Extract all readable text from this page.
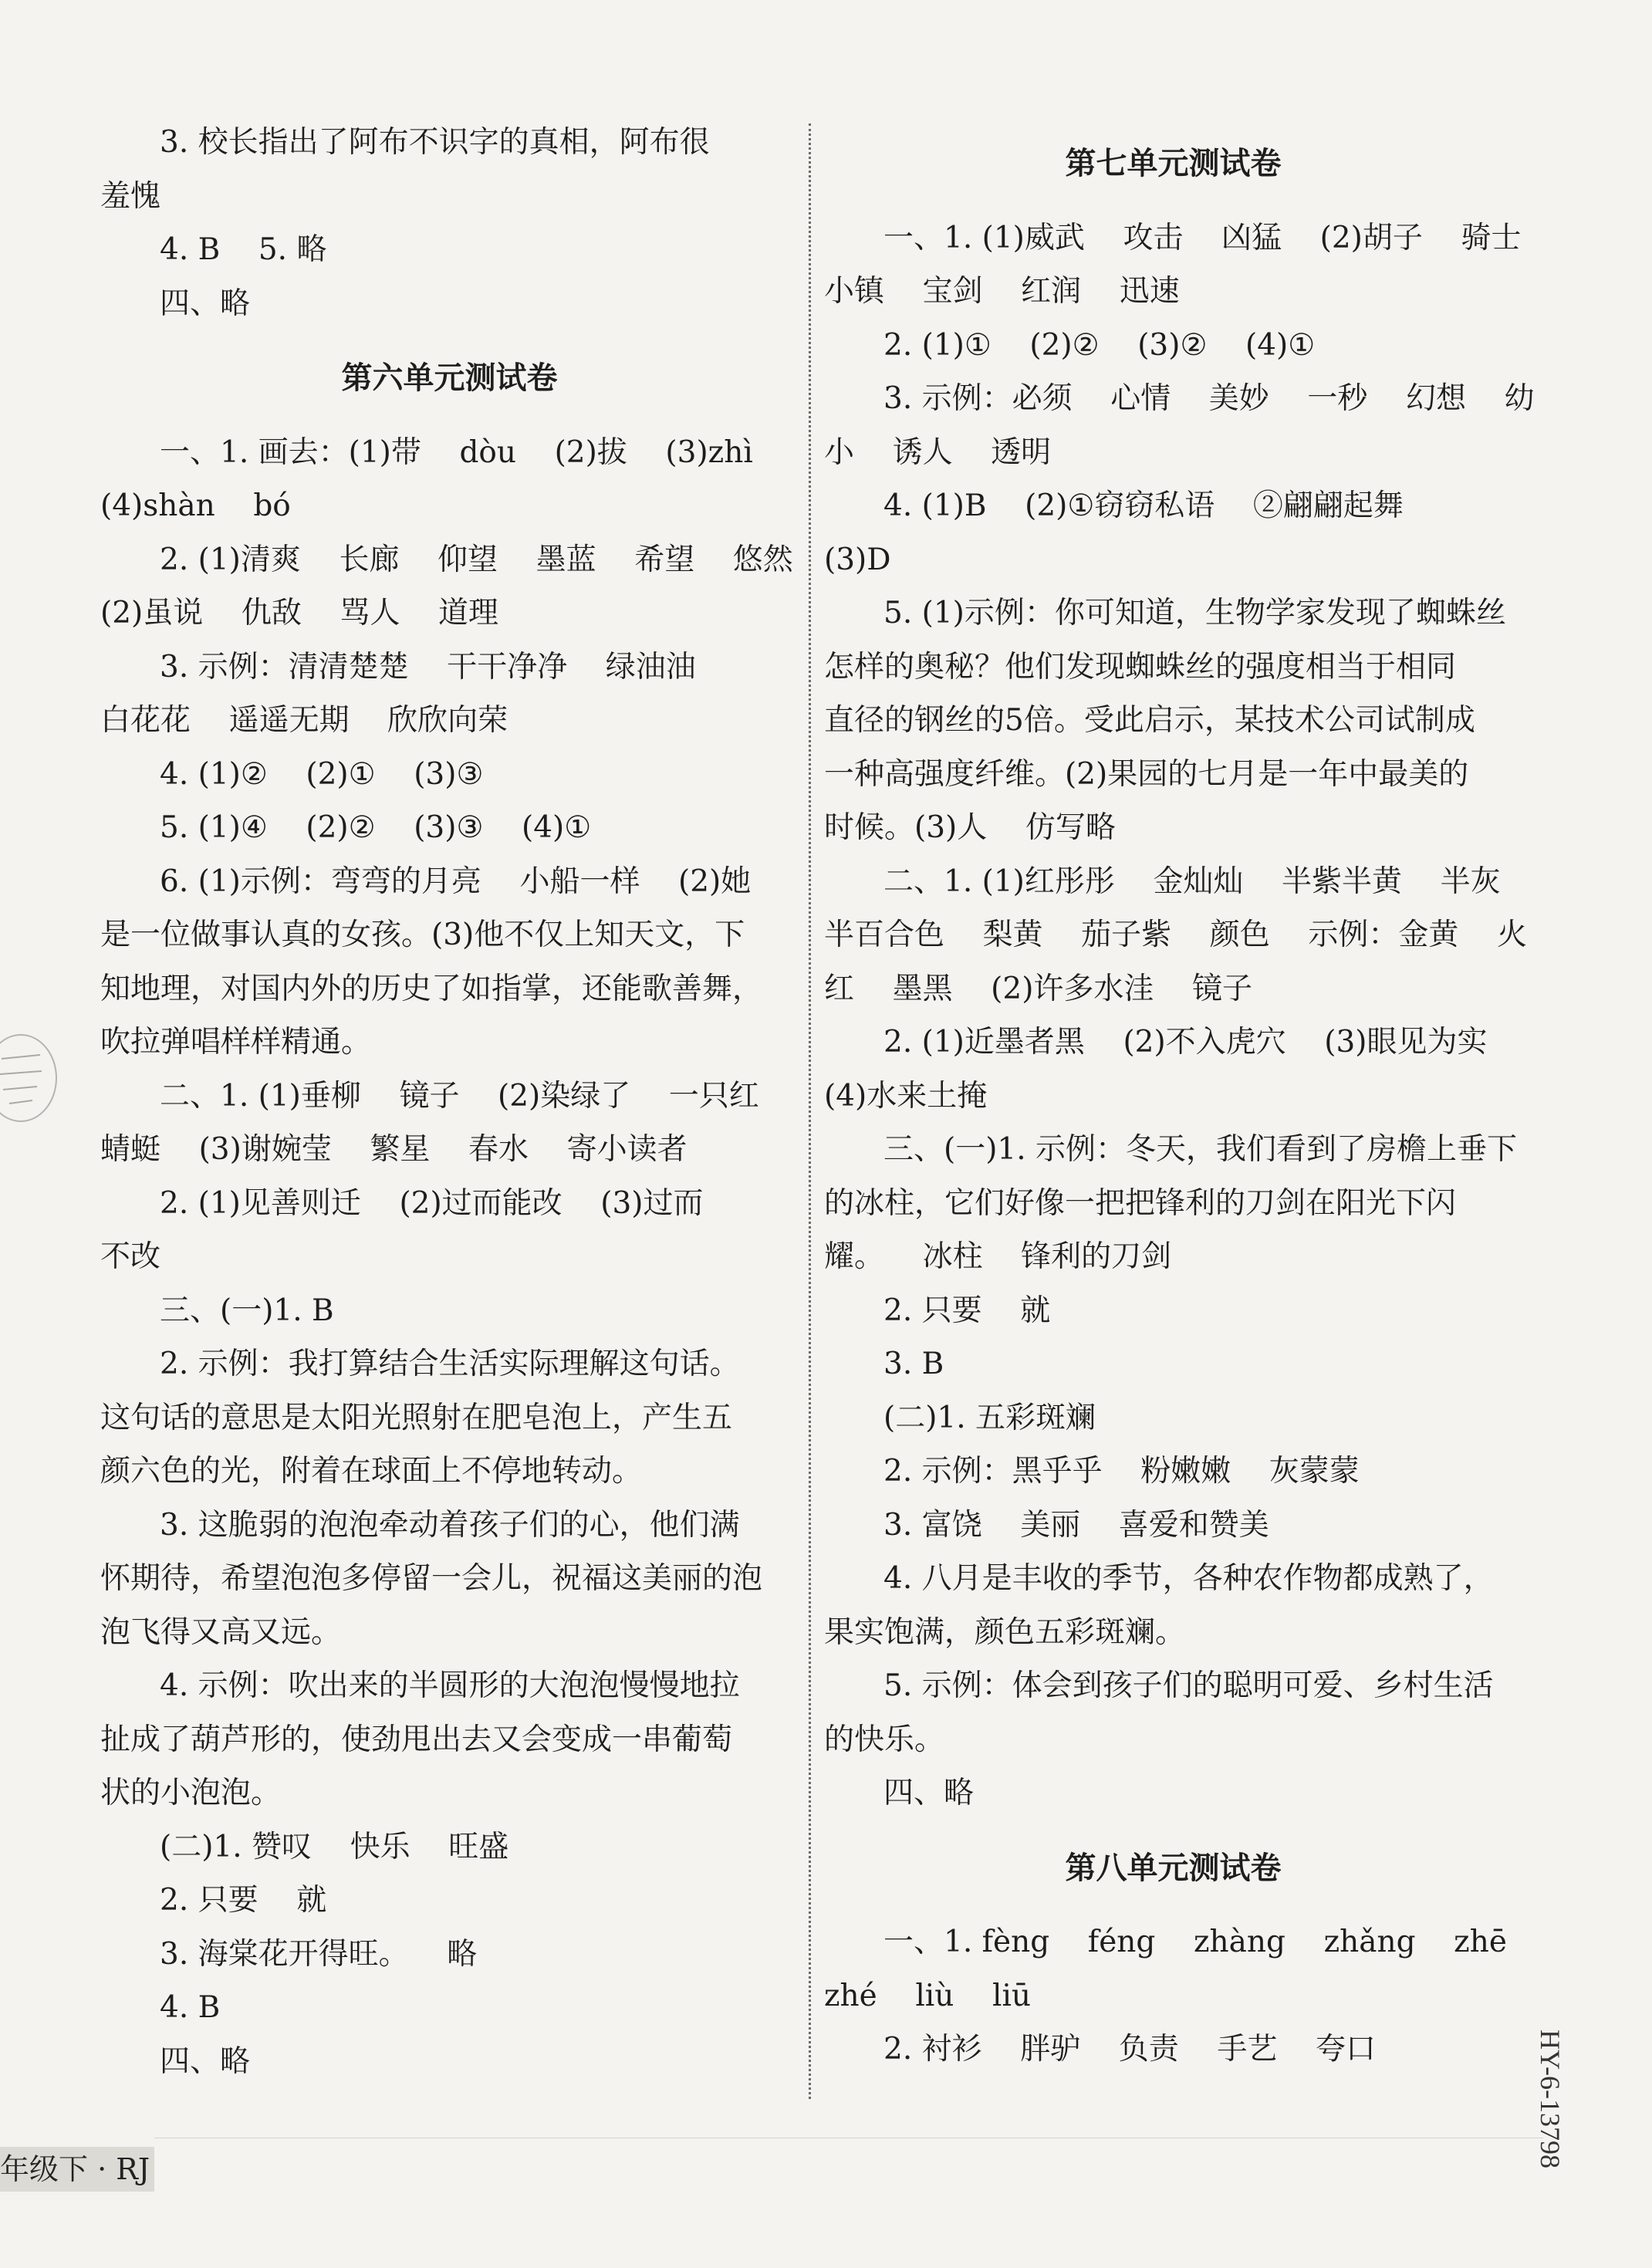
3. 校长指出了阿布不识字的真相，阿布很
羞愧
4. B    5. 略
四、略
第六单元测试卷
一、1. 画去：(1)带    dòu    (2)拔    (3)zhì
(4)shàn    bó
2. (1)清爽    长廊    仰望    墨蓝    希望    悠然
(2)虽说    仇敌    骂人    道理
3. 示例：清清楚楚    干干净净    绿油油
白花花    遥遥无期    欣欣向荣
4. (1)②    (2)①    (3)③
5. (1)④    (2)②    (3)③    (4)①
6. (1)示例：弯弯的月亮    小船一样    (2)她
是一位做事认真的女孩。(3)他不仅上知天文，下
知地理，对国内外的历史了如指掌，还能歌善舞，
吹拉弹唱样样精通。
二、1. (1)垂柳    镜子    (2)染绿了    一只红
蜻蜓    (3)谢婉莹    繁星    春水    寄小读者
2. (1)见善则迁    (2)过而能改    (3)过而
不改
三、(一)1. B
2. 示例：我打算结合生活实际理解这句话。
这句话的意思是太阳光照射在肥皂泡上，产生五
颜六色的光，附着在球面上不停地转动。
3. 这脆弱的泡泡牵动着孩子们的心，他们满
怀期待，希望泡泡多停留一会儿，祝福这美丽的泡
泡飞得又高又远。
4. 示例：吹出来的半圆形的大泡泡慢慢地拉
扯成了葫芦形的，使劲甩出去又会变成一串葡萄
状的小泡泡。
(二)1. 赞叹    快乐    旺盛
2. 只要    就
3. 海棠花开得旺。    略
4. B
四、略
第七单元测试卷
一、1. (1)威武    攻击    凶猛    (2)胡子    骑士
小镇    宝剑    红润    迅速
2. (1)①    (2)②    (3)②    (4)①
3. 示例：必须    心情    美妙    一秒    幻想    幼
小    诱人    透明
4. (1)B    (2)①窃窃私语    ②翩翩起舞
(3)D
5. (1)示例：你可知道，生物学家发现了蜘蛛丝
怎样的奥秘？他们发现蜘蛛丝的强度相当于相同
直径的钢丝的5倍。受此启示，某技术公司试制成
一种高强度纤维。(2)果园的七月是一年中最美的
时候。(3)人    仿写略
二、1. (1)红彤彤    金灿灿    半紫半黄    半灰
半百合色    梨黄    茄子紫    颜色    示例：金黄    火
红    墨黑    (2)许多水洼    镜子
2. (1)近墨者黑    (2)不入虎穴    (3)眼见为实
(4)水来土掩
三、(一)1. 示例：冬天，我们看到了房檐上垂下
的冰柱，它们好像一把把锋利的刀剑在阳光下闪
耀。    冰柱    锋利的刀剑
2. 只要    就
3. B
(二)1. 五彩斑斓
2. 示例：黑乎乎    粉嫩嫩    灰蒙蒙
3. 富饶    美丽    喜爱和赞美
4. 八月是丰收的季节，各种农作物都成熟了，
果实饱满，颜色五彩斑斓。
5. 示例：体会到孩子们的聪明可爱、乡村生活
的快乐。
四、略
第八单元测试卷
一、1. fèng    féng    zhàng    zhǎng    zhē
zhé    liù    liū
2. 衬衫    胖驴    负责    手艺    夸口
年级下 · RJ
HY-6-13798
